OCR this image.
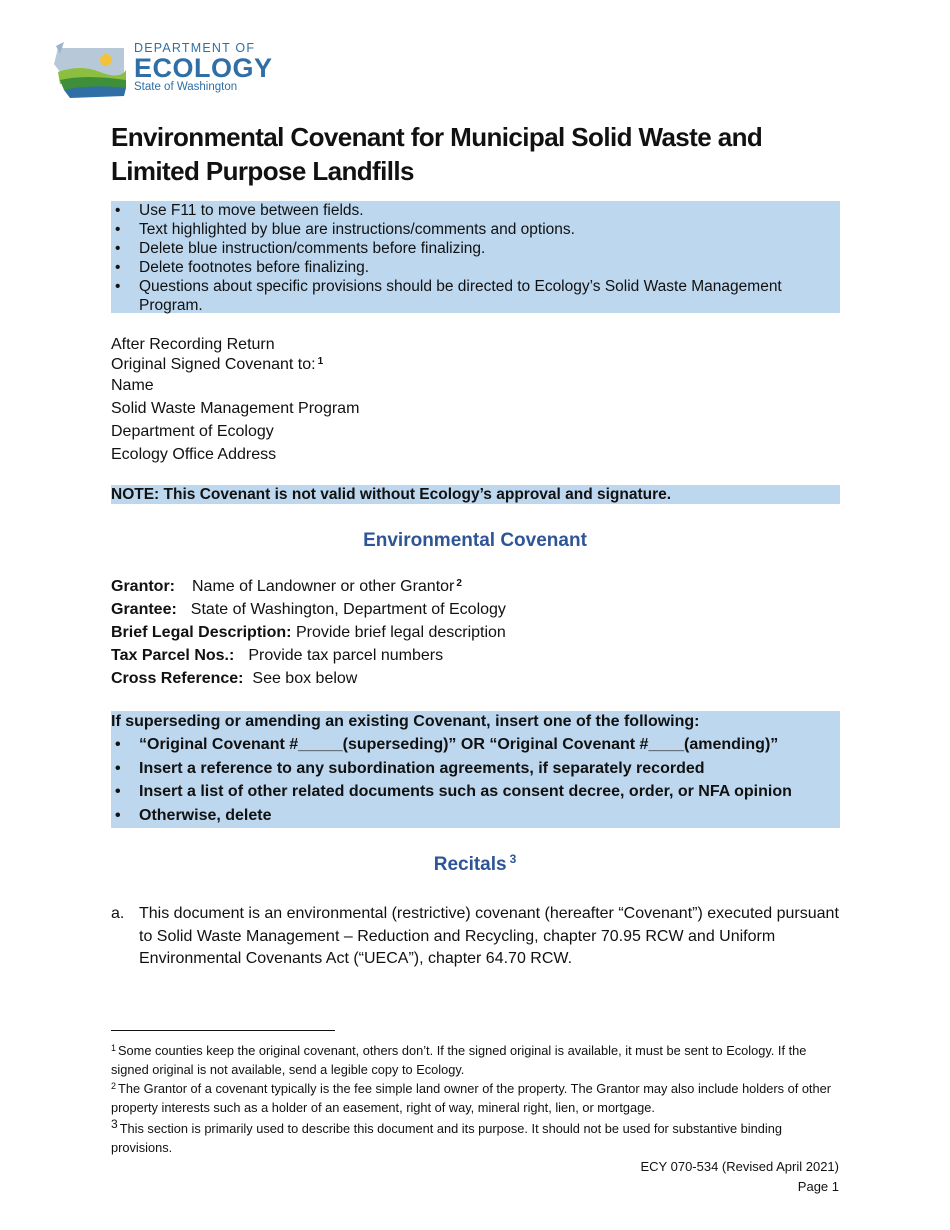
DEPARTMENT OF
ECOLOGY
State of Washington
Environmental Covenant for Municipal Solid Waste and Limited Purpose Landfills
• Use F11 to move between fields.
• Text highlighted by blue are instructions/comments and options.
• Delete blue instruction/comments before finalizing.
• Delete footnotes before finalizing.
• Questions about specific provisions should be directed to Ecology’s Solid Waste Management Program.
After Recording Return
Original Signed Covenant to: $^1$
Name
Solid Waste Management Program
Department of Ecology
Ecology Office Address
NOTE: This Covenant is not valid without Ecology’s approval and signature.
Environmental Covenant
Grantor: Name of Landowner or other Grantor $^2$
Grantee: State of Washington, Department of Ecology
Brief Legal Description: Provide brief legal description
Tax Parcel Nos.: Provide tax parcel numbers
Cross Reference: See box below
If superseding or amending an existing Covenant, insert one of the following:
• “Original Covenant #_____(superseding)” OR “Original Covenant #____(amending)”
• Insert a reference to any subordination agreements, if separately recorded
• Insert a list of other related documents such as consent decree, order, or NFA opinion
• Otherwise, delete
Recitals $^3$
a. This document is an environmental (restrictive) covenant (hereafter “Covenant”) executed pursuant to Solid Waste Management – Reduction and Recycling, chapter 70.95 RCW and Uniform Environmental Covenants Act (“UECA”), chapter 64.70 RCW.
$^1$ Some counties keep the original covenant, others don’t. If the signed original is available, it must be sent to Ecology. If the signed original is not available, send a legible copy to Ecology.
$^2$ The Grantor of a covenant typically is the fee simple land owner of the property. The Grantor may also include holders of other property interests such as a holder of an easement, right of way, mineral right, lien, or mortgage.
$^3$ This section is primarily used to describe this document and its purpose. It should not be used for substantive binding provisions.
ECY 070-534 (Revised April 2021)
Page 1
